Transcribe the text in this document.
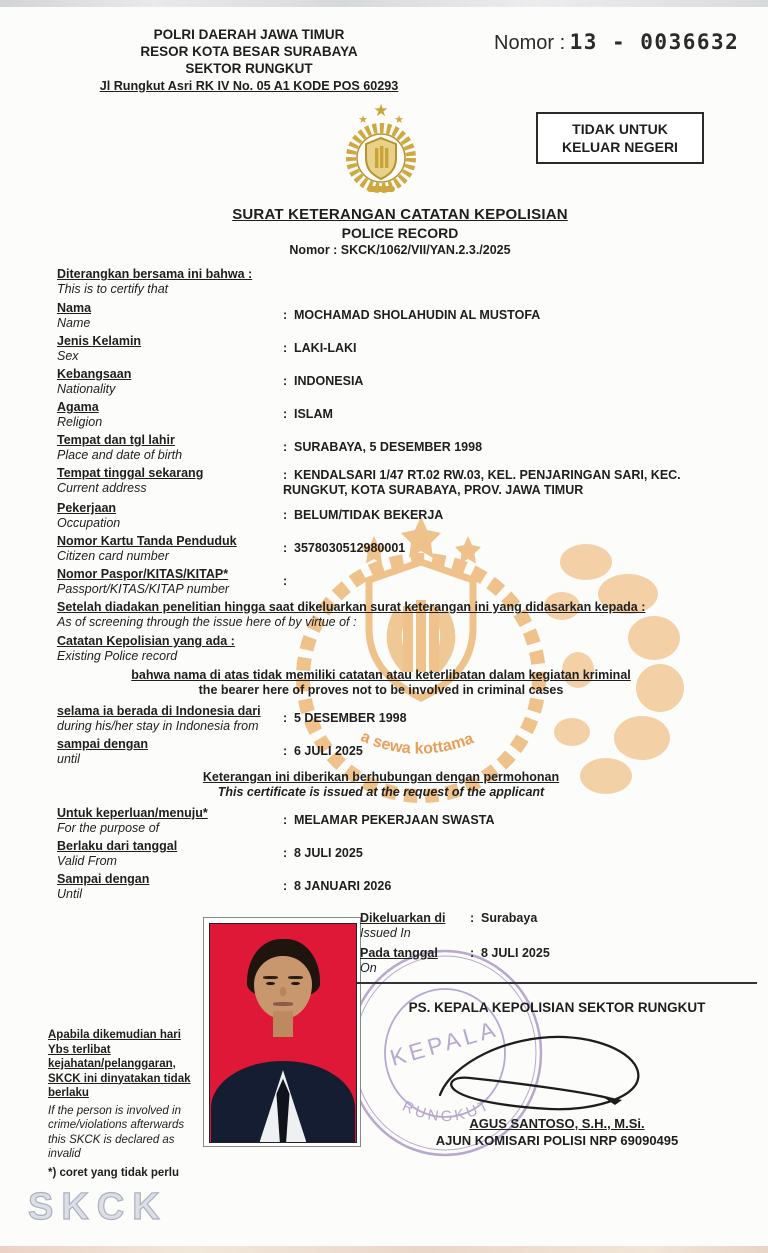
POLRI DAERAH JAWA TIMUR
RESOR KOTA BESAR SURABAYA
SEKTOR RUNGKUT
Jl Rungkut Asri RK IV No. 05 A1 KODE POS 60293
Nomor : 13 - 0036632
★
★ ★
TIDAK UNTUK
KELUAR NEGERI
SURAT KETERANGAN CATATAN KEPOLISIAN
POLICE RECORD
Nomor : SKCK/1062/VII/YAN.2.3./2025
a sewa kottama
Diterangkan bersama ini bahwa :
This is to certify that
Nama
Name
: MOCHAMAD SHOLAHUDIN AL MUSTOFA
Jenis Kelamin
Sex
: LAKI-LAKI
Kebangsaan
Nationality
: INDONESIA
Agama
Religion
: ISLAM
Tempat dan tgl lahir
Place and date of birth
: SURABAYA, 5 DESEMBER 1998
Tempat tinggal sekarang
Current address
: KENDALSARI 1/47 RT.02 RW.03, KEL. PENJARINGAN SARI, KEC. RUNGKUT, KOTA SURABAYA, PROV. JAWA TIMUR
Pekerjaan
Occupation
: BELUM/TIDAK BEKERJA
Nomor Kartu Tanda Penduduk
Citizen card number
: 3578030512980001
Nomor Paspor/KITAS/KITAP*
Passport/KITAS/KITAP number
:
Setelah diadakan penelitian hingga saat dikeluarkan surat keterangan ini yang didasarkan kepada :
As of screening through the issue here of by virtue of :
Catatan Kepolisian yang ada :
Existing Police record
bahwa nama di atas tidak memiliki catatan atau keterlibatan dalam kegiatan kriminal
the bearer here of proves not to be involved in criminal cases
selama ia berada di Indonesia dari
during his/her stay in Indonesia from
: 5 DESEMBER 1998
sampai dengan
until
: 6 JULI 2025
Keterangan ini diberikan berhubungan dengan permohonan
This certificate is issued at the request of the applicant
Untuk keperluan/menuju*
For the purpose of
: MELAMAR PEKERJAAN SWASTA
Berlaku dari tanggal
Valid From
: 8 JULI 2025
Sampai dengan
Until
: 8 JANUARI 2026
Dikeluarkan di
Issued In
: Surabaya
Pada tanggal
On
: 8 JULI 2025
PS. KEPALA KEPOLISIAN SEKTOR RUNGKUT
KEPALA
RUNGKUT
AGUS SANTOSO, S.H., M.Si.
AJUN KOMISARI POLISI NRP 69090495
Apabila dikemudian hari Ybs terlibat kejahatan/pelanggaran, SKCK ini dinyatakan tidak berlaku
If the person is involved in crime/violations afterwards this SKCK is declared as invalid
*) coret yang tidak perlu
SKCK
